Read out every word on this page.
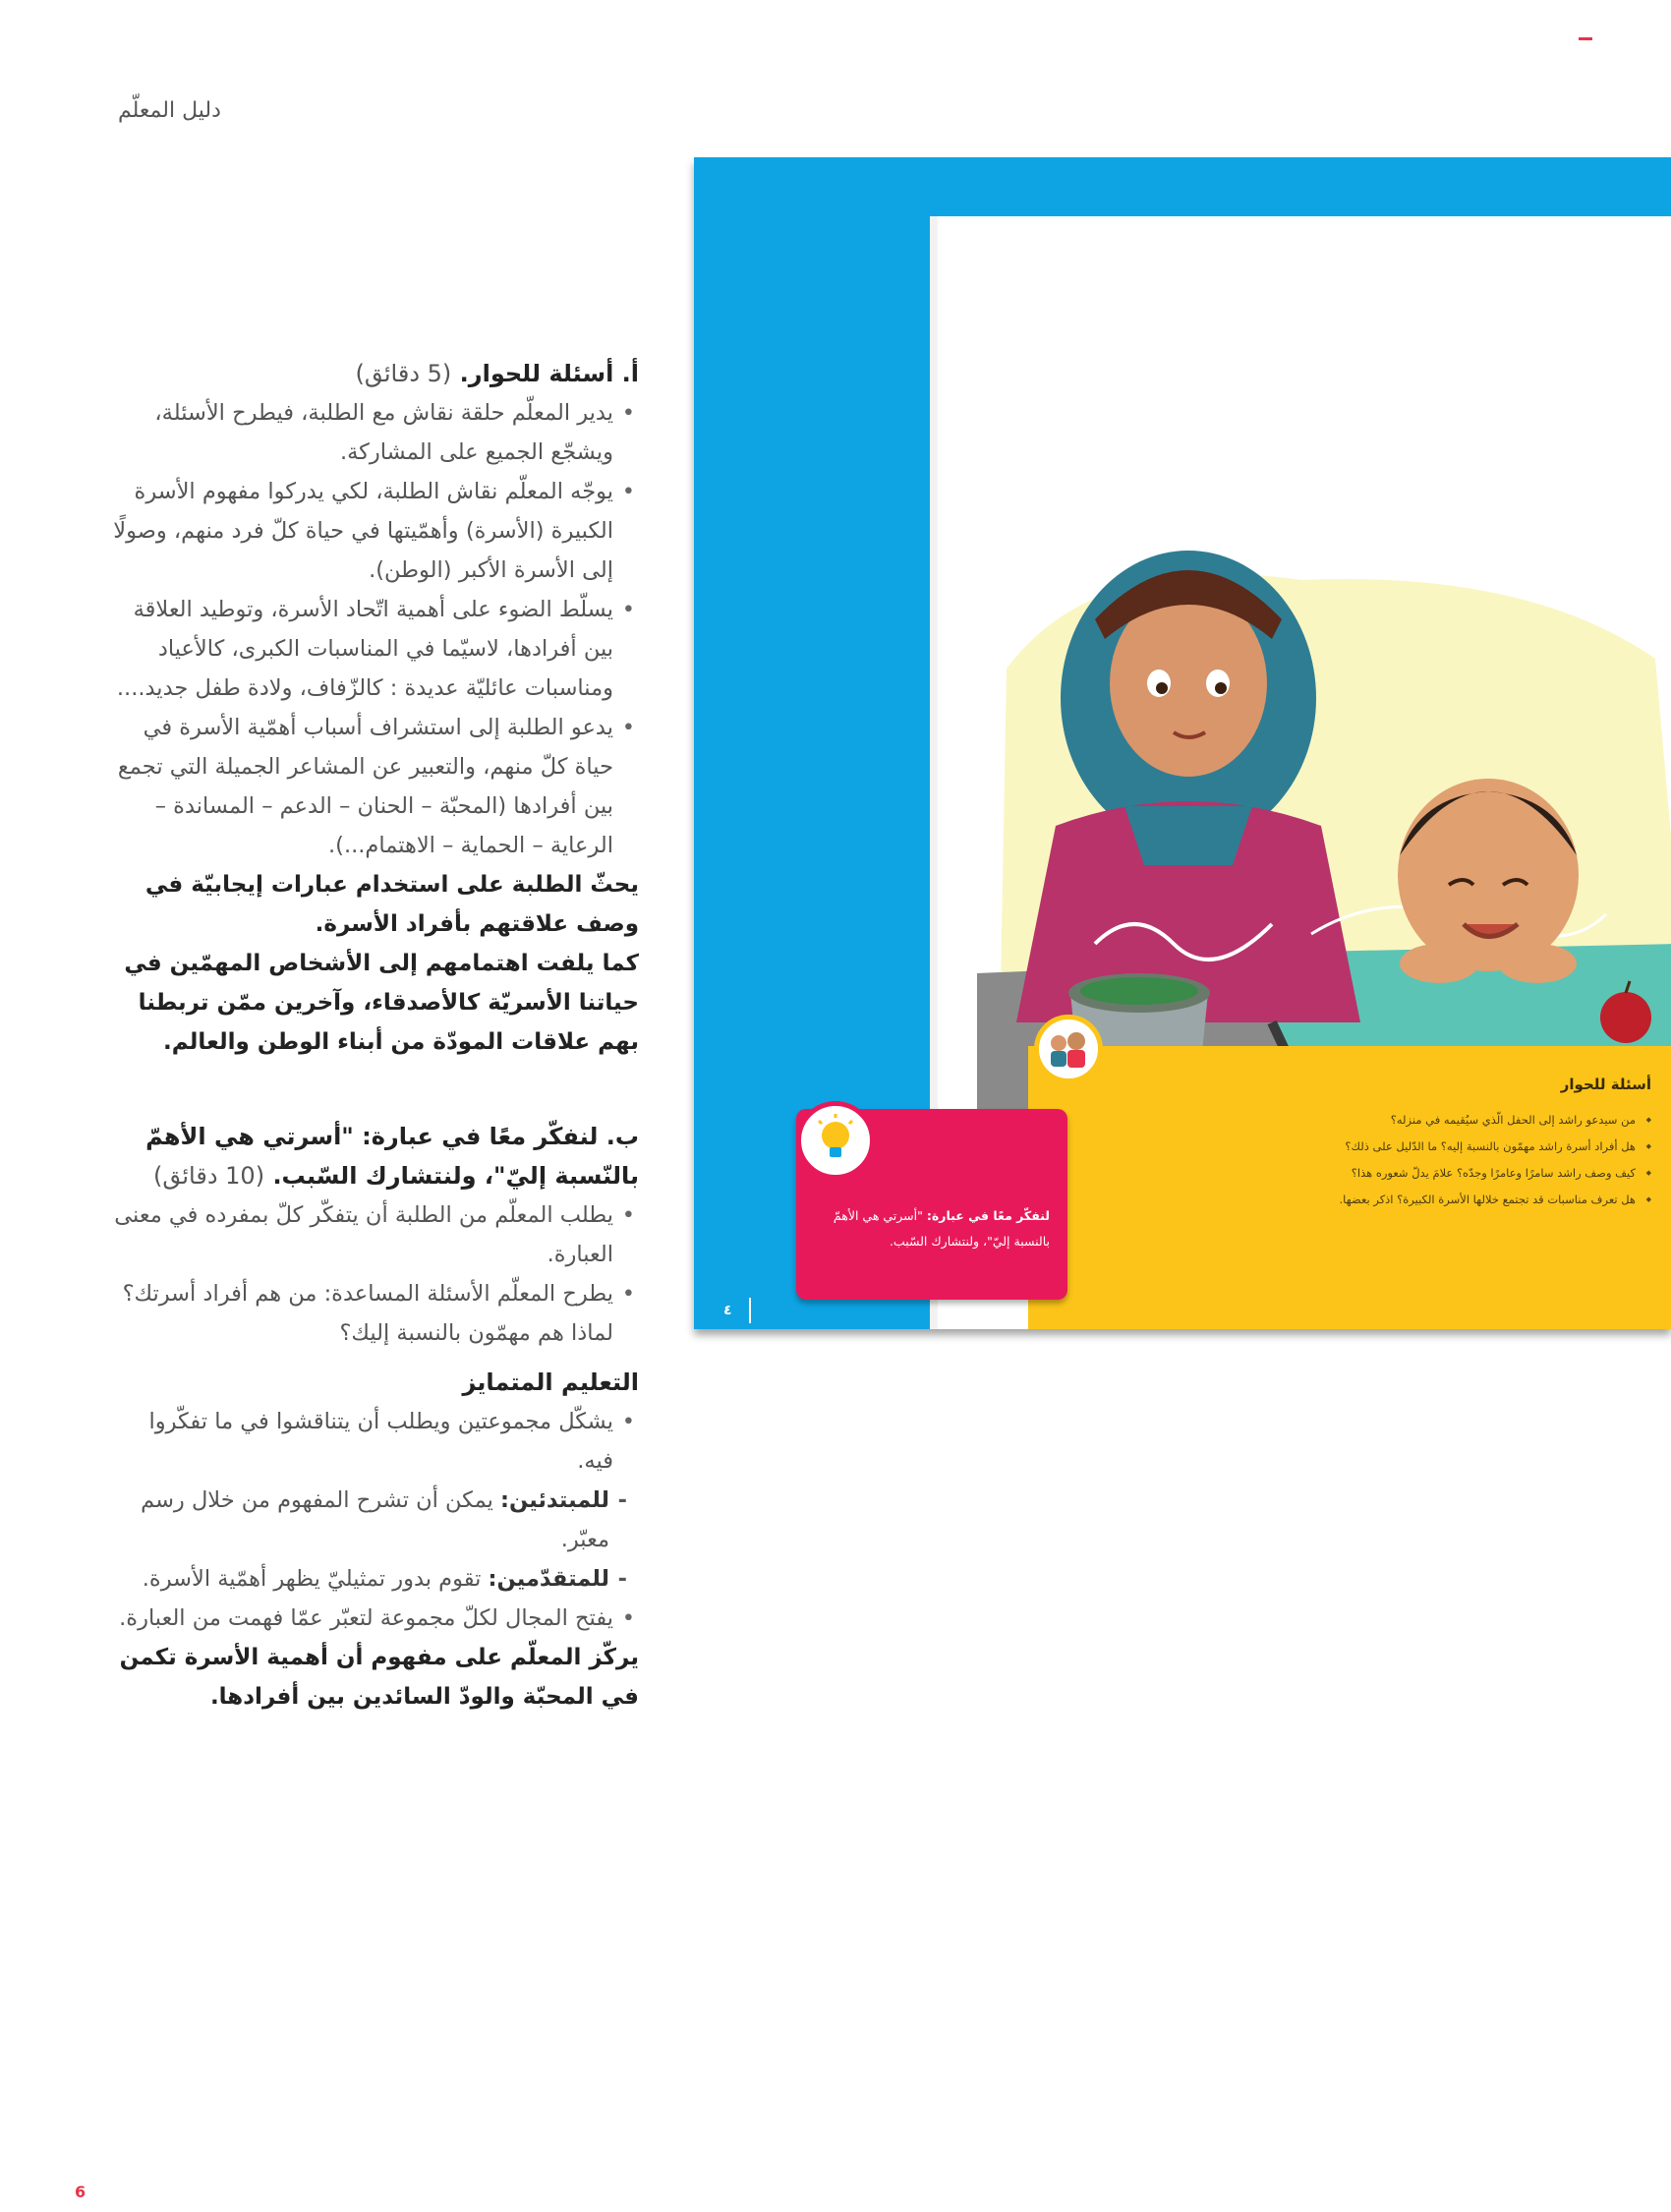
دليل المعلّم
أ. أسئلة للحوار. (5 دقائق)
• يدير المعلّم حلقة نقاش مع الطلبة، فيطرح الأسئلة، ويشجّع الجميع على المشاركة.
• يوجّه المعلّم نقاش الطلبة، لكي يدركوا مفهوم الأسرة الكبيرة (الأسرة) وأهمّيتها في حياة كلّ فرد منهم، وصولًا إلى الأسرة الأكبر (الوطن).
• يسلّط الضوء على أهمية اتّحاد الأسرة، وتوطيد العلاقة بين أفرادها، لاسيّما في المناسبات الكبرى، كالأعياد ومناسبات عائليّة عديدة : كالزّفاف، ولادة طفل جديد....
• يدعو الطلبة إلى استشراف أسباب أهمّية الأسرة في حياة كلّ منهم، والتعبير عن المشاعر الجميلة التي تجمع بين أفرادها (المحبّة – الحنان – الدعم – المساندة – الرعاية – الحماية – الاهتمام...).
يحثّ الطلبة على استخدام عبارات إيجابيّة في وصف علاقتهم بأفراد الأسرة.
كما يلفت اهتمامهم إلى الأشخاص المهمّين في حياتنا الأسريّة كالأصدقاء، وآخرين ممّن تربطنا بهم علاقات المودّة من أبناء الوطن والعالم.
ب. لنفكّر معًا في عبارة: "أسرتي هي الأهمّ بالنّسبة إليّ"، ولنتشارك السّبب. (10 دقائق)
• يطلب المعلّم من الطلبة أن يتفكّر كلّ بمفرده في معنى العبارة.
• يطرح المعلّم الأسئلة المساعدة: من هم أفراد أسرتك؟ لماذا هم مهمّون بالنسبة إليك؟
التعليم المتمايز
• يشكّل مجموعتين ويطلب أن يتناقشوا في ما تفكّروا فيه.
- للمبتدئين: يمكن أن تشرح المفهوم من خلال رسم معبّر.
- للمتقدّمين: تقوم بدور تمثيليّ يظهر أهمّية الأسرة.
• يفتح المجال لكلّ مجموعة لتعبّر عمّا فهمت من العبارة.
يركّز المعلّم على مفهوم أن أهمية الأسرة تكمن في المحبّة والودّ السائدين بين أفرادها.
أسئلة للحوار
◆ من سيدعو راشد إلى الحفل الّذي سيُقيمه في منزله؟
◆ هل أفراد أسرة راشد مهمّون بالنسبة إليه؟ ما الدّليل على ذلك؟
◆ كيف وصف راشد سامرًا وعامرًا وجدّه؟ علامَ يدلّ شعوره هذا؟
◆ هل تعرف مناسبات قد تجتمع خلالها الأسرة الكبيرة؟ اذكر بعضها.
لنفكّر معًا في عبارة: "أسرتي هي الأهمّ بالنسبة إليّ"، ولنتشارك السّبب.
٤
6
